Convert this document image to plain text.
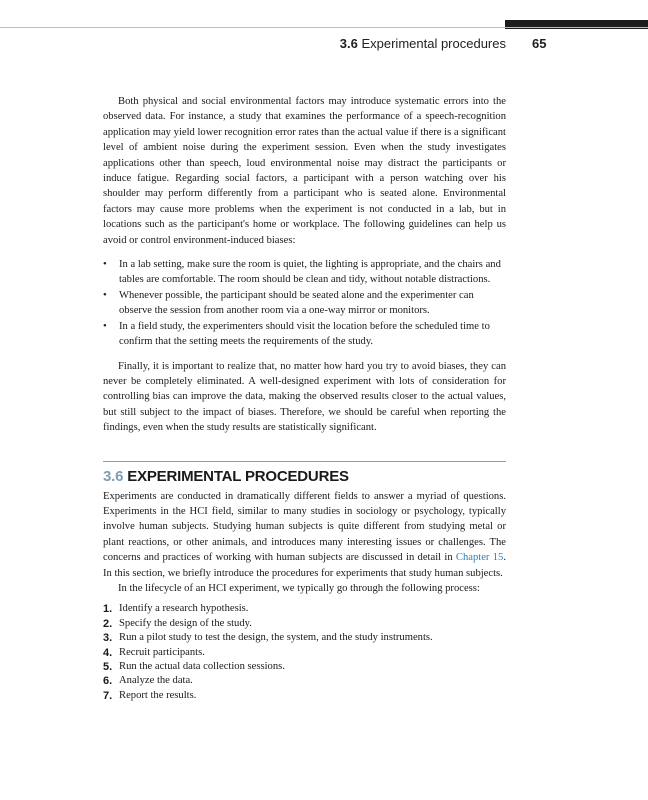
3.6 Experimental procedures 65

Both physical and social environmental factors may introduce systematic errors into the observed data. For instance, a study that examines the performance of a speech-recognition application may yield lower recognition error rates than the actual value if there is a significant level of ambient noise during the experiment session. Even when the study investigates applications other than speech, loud environmental noise may distract the participants or induce fatigue. Regarding social factors, a participant with a person watching over his shoulder may perform differently from a participant who is seated alone. Environmental factors may cause more problems when the experiment is not conducted in a lab, but in locations such as the participant's home or workplace. The following guidelines can help us avoid or control environment-induced biases:

• In a lab setting, make sure the room is quiet, the lighting is appropriate, and the chairs and tables are comfortable. The room should be clean and tidy, without notable distractions.
• Whenever possible, the participant should be seated alone and the experimenter can observe the session from another room via a one-way mirror or monitors.
• In a field study, the experimenters should visit the location before the scheduled time to confirm that the setting meets the requirements of the study.

Finally, it is important to realize that, no matter how hard you try to avoid biases, they can never be completely eliminated. A well-designed experiment with lots of consideration for controlling bias can improve the data, making the observed results closer to the actual values, but still subject to the impact of biases. Therefore, we should be careful when reporting the findings, even when the study results are statistically significant.

3.6 EXPERIMENTAL PROCEDURES

Experiments are conducted in dramatically different fields to answer a myriad of questions. Experiments in the HCI field, similar to many studies in sociology or psychology, typically involve human subjects. Studying human subjects is quite different from studying metal or plant reactions, or other animals, and introduces many interesting issues or challenges. The concerns and practices of working with human subjects are discussed in detail in Chapter 15. In this section, we briefly introduce the procedures for experiments that study human subjects.

In the lifecycle of an HCI experiment, we typically go through the following process:

1. Identify a research hypothesis.
2. Specify the design of the study.
3. Run a pilot study to test the design, the system, and the study instruments.
4. Recruit participants.
5. Run the actual data collection sessions.
6. Analyze the data.
7. Report the results.
